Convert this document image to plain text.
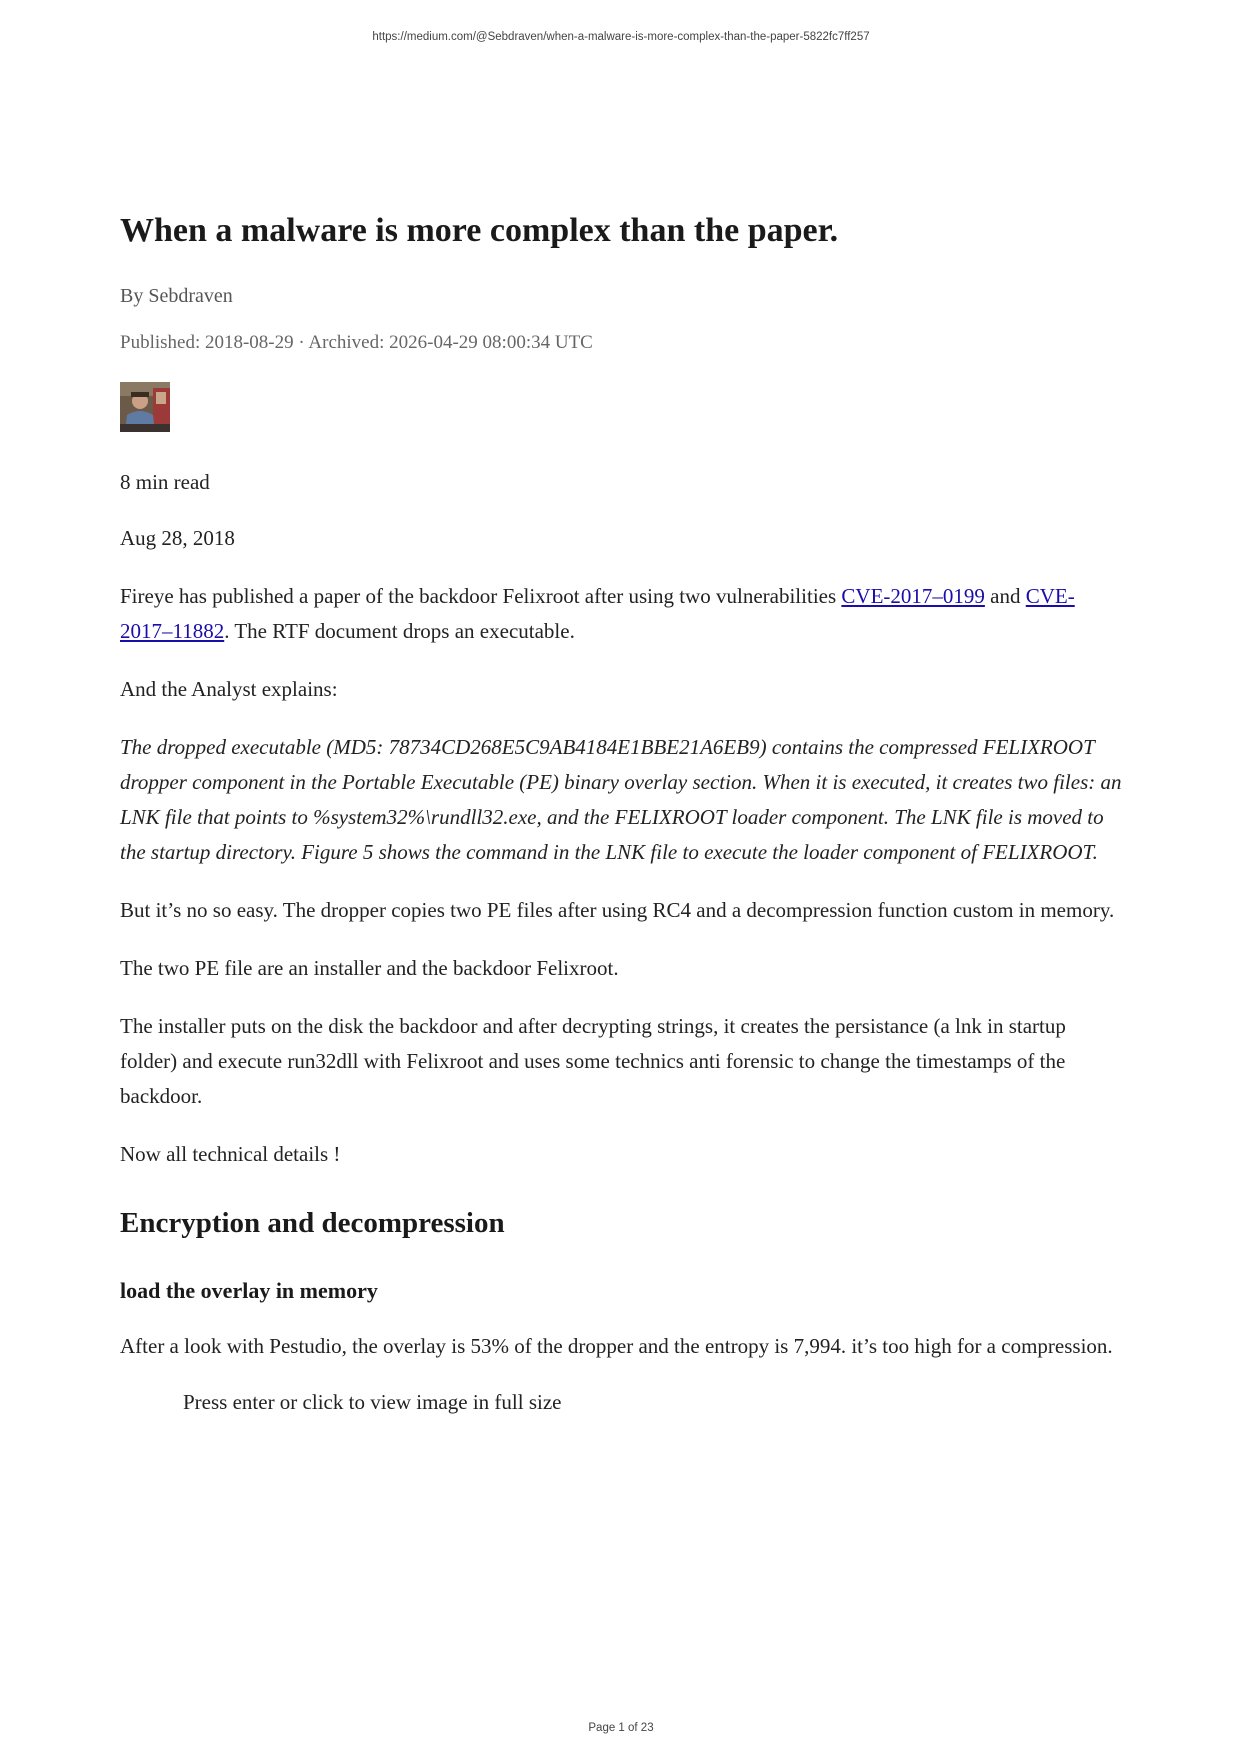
https://medium.com/@Sebdraven/when-a-malware-is-more-complex-than-the-paper-5822fc7ff257
When a malware is more complex than the paper.
By Sebdraven
Published: 2018-08-29 · Archived: 2026-04-29 08:00:34 UTC

8 min read

Aug 28, 2018

Fireye has published a paper of the backdoor Felixroot after using two vulnerabilities CVE-2017–0199 and CVE-2017–11882. The RTF document drops an executable.

And the Analyst explains:

The dropped executable (MD5: 78734CD268E5C9AB4184E1BBE21A6EB9) contains the compressed FELIXROOT dropper component in the Portable Executable (PE) binary overlay section. When it is executed, it creates two files: an LNK file that points to %system32%\rundll32.exe, and the FELIXROOT loader component. The LNK file is moved to the startup directory. Figure 5 shows the command in the LNK file to execute the loader component of FELIXROOT.

But it’s no so easy. The dropper copies two PE files after using RC4 and a decompression function custom in memory.

The two PE file are an installer and the backdoor Felixroot.

The installer puts on the disk the backdoor and after decrypting strings, it creates the persistance (a lnk in startup folder) and execute run32dll with Felixroot and uses some technics anti forensic to change the timestamps of the backdoor.

Now all technical details !

Encryption and decompression
load the overlay in memory

After a look with Pestudio, the overlay is 53% of the dropper and the entropy is 7,994. it’s too high for a compression.

Press enter or click to view image in full size

Page 1 of 23
